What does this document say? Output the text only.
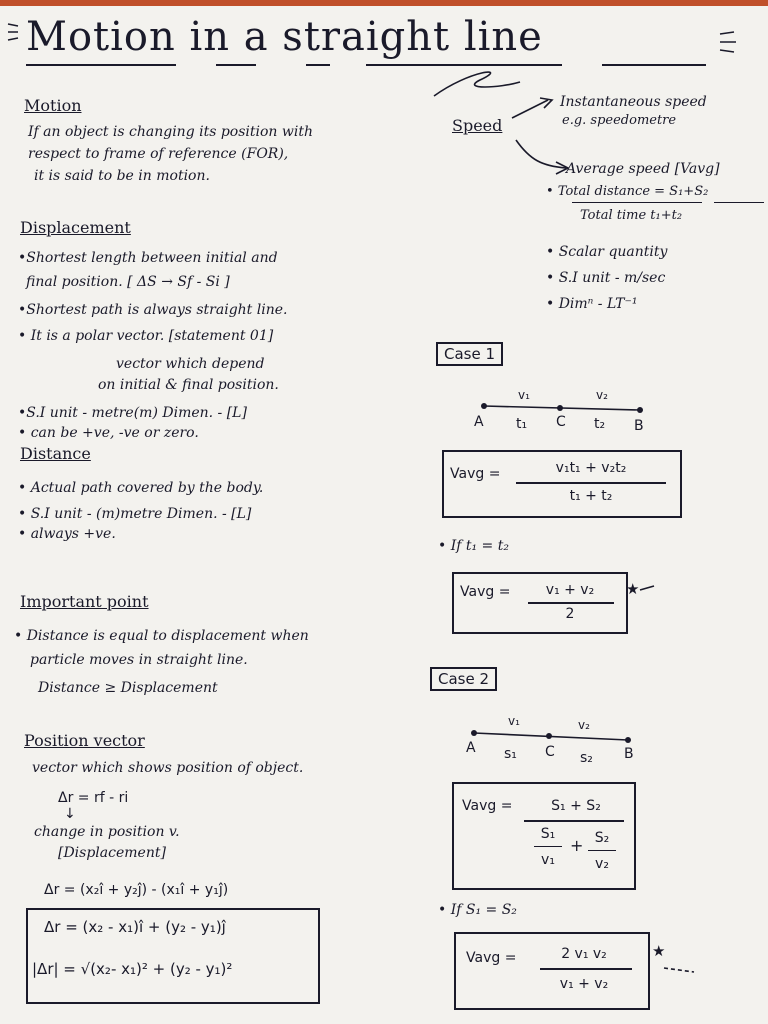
Motion in a straight line
Motion
If an object is changing its position with
respect to frame of reference (FOR),
it is said to be in motion.
Displacement
•Shortest length between initial and
final position. [ ΔS → Sf - Si ]
•Shortest path is always straight line.
• It is a polar vector. [statement 01]
vector which depend
on initial & final position.
•S.I unit - metre(m) Dimen. - [L]
• can be +ve, -ve or zero.
Distance
• Actual path covered by the body.
• S.I unit - (m)metre Dimen. - [L]
• always +ve.
Important point
• Distance is equal to displacement when
particle moves in straight line.
Distance ≥ Displacement
Position vector
vector which shows position of object.
Δr = rf - ri
↓
change in position v.
[Displacement]
Δr = (x₂î + y₂ĵ) - (x₁î + y₁ĵ)
Δr = (x₂ - x₁)î + (y₂ - y₁)ĵ
|Δr| = √(x₂- x₁)² + (y₂ - y₁)²
Speed
Instantaneous speed
e.g. speedometre
Average speed [Vavg]
• Total distance = S₁+S₂
Total time t₁+t₂
• Scalar quantity
• S.I unit - m/sec
• Dimⁿ - LT⁻¹
Case 1
v₁	v₂
A t₁ C t₂ B
Vavg =	v₁t₁ + v₂t₂
t₁ + t₂
• If t₁ = t₂
Vavg =	v₁ + v₂
2
★
Case 2
v₁	v₂
A s₁ C s₂ B
Vavg =	S₁ + S₂
S₁
v₁
+ S₂
v₂
• If S₁ = S₂
Vavg =	2 v₁ v₂
v₁ + v₂
★
